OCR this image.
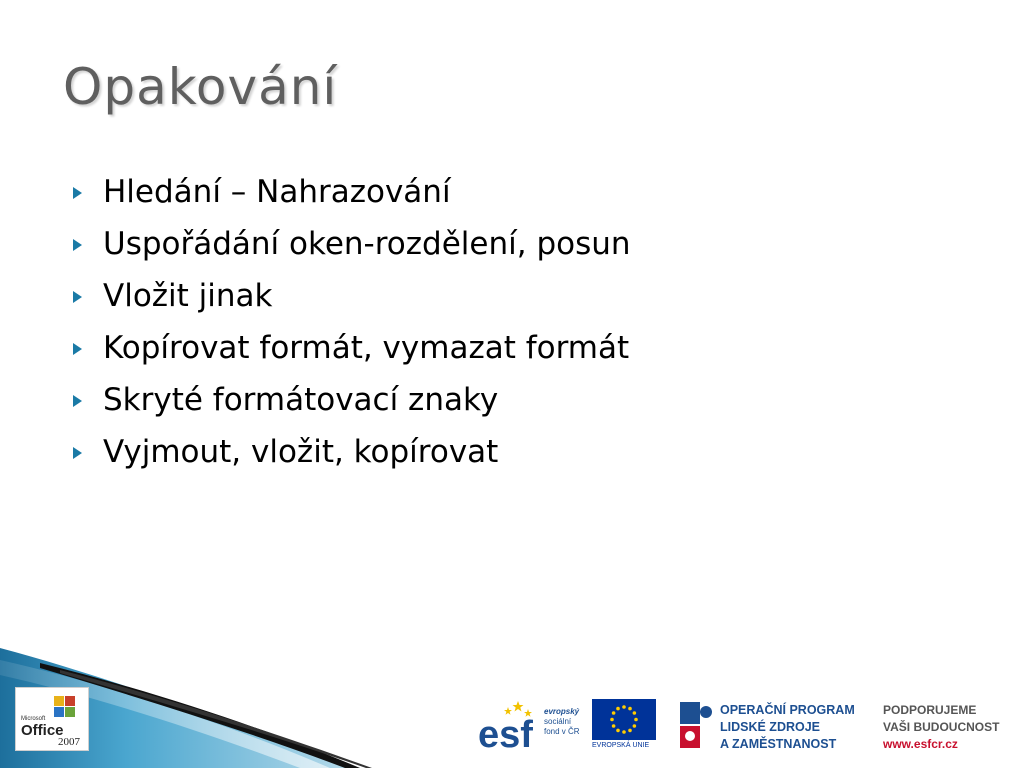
Opakování
Hledání – Nahrazování
Uspořádání oken-rozdělení, posun
Vložit jinak
Kopírovat formát, vymazat formát
Skryté formátovací znaky
Vyjmout, vložit, kopírovat
Microsoft
Office
2007	esf
evropský
sociální
fond v ČR
EVROPSKÁ UNIE
OPERAČNÍ PROGRAM
LIDSKÉ ZDROJE
A ZAMĚSTNANOST
PODPORUJEME
VAŠI BUDOUCNOST
www.esfcr.cz
